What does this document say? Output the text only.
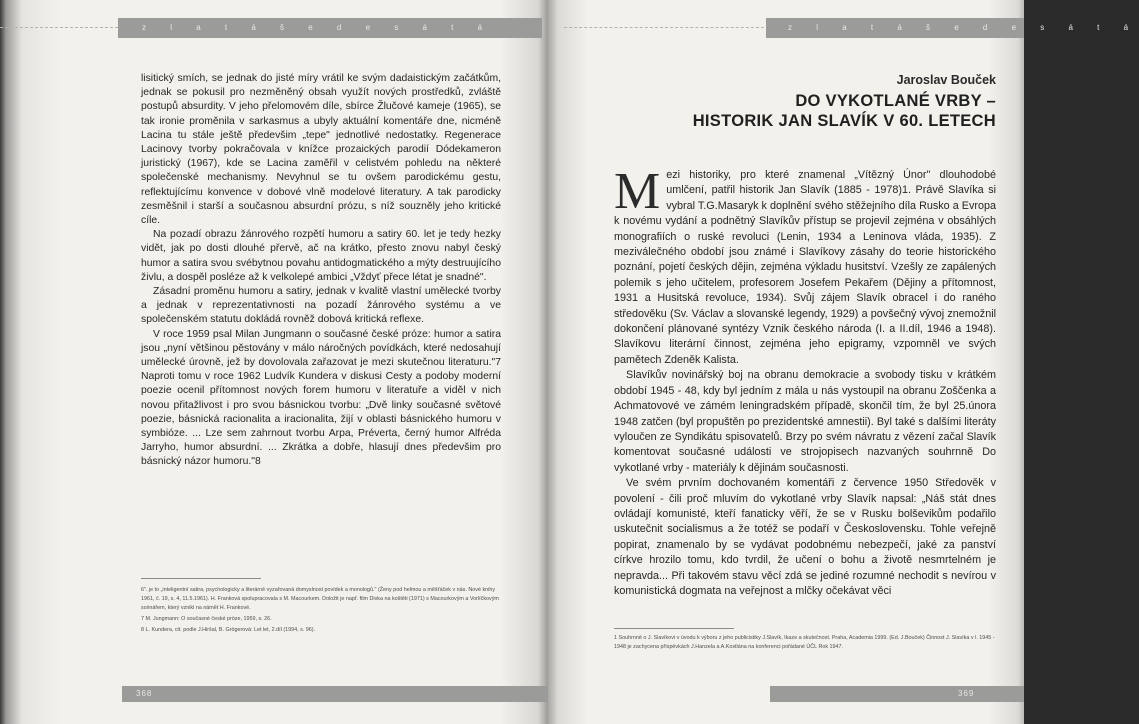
z l a t á š e d e s á t á

lisitický smích, se jednak do jisté míry vrátil ke svým dadaistickým začátkům, jednak se pokusil pro nezměněný obsah využít nových prostředků, zvláště postupů absurdity. V jeho přelomovém díle, sbírce Žlučové kameje (1965), se tak ironie proměnila v sarkasmus a ubyly aktuální komentáře dne, nicméně Lacina tu stále ještě předevšim „tepe" jednotlivé nedostatky. Regenerace Lacinovy tvorby pokračovala v knížce prozaických parodií Dódekameron juristický (1967), kde se Lacina zaměřil v celistvém pohledu na některé společenské mechanismy. Nevyhnul se tu ovšem parodickému gestu, reflektujícímu konvence v dobové vlně modelové literatury. A tak parodicky zesměšnil i starší a současnou absurdní prózu, s níž souzněly jeho kritické cíle.

Na pozadí obrazu žánrového rozpětí humoru a satiry 60. let je tedy hezky vidět, jak po dosti dlouhé přervě, ač na krátko, přesto znovu nabyl český humor a satira svou svébytnou povahu antidogmatického a mýty destruujícího živlu, a dospěl posléze až k velkolepé ambici „Vždyť přece létat je snadné".

Zásadní proměnu humoru a satiry, jednak v kvalitě vlastní umělecké tvorby a jednak v reprezentativnosti na pozadí žánrového systému a ve společenském statutu dokládá rovněž dobová kritická reflexe.

V roce 1959 psal Milan Jungmann o současné české próze: humor a satira jsou „nyní většinou pěstovány v málo náročných povídkách, které nedosahují umělecké úrovně, jež by dovolovala zařazovat je mezi skutečnou literaturu."7 Naproti tomu v roce 1962 Ludvík Kundera v diskusi Cesty a podoby moderní poezie ocenil přítomnost nových forem humoru v literatuře a viděl v nich novou přitažlivost i pro svou básnickou tvorbu: „Dvě linky současné světové poezie, básnická racionalita a iracionalita, žijí v oblasti básnického humoru v symbióze. ... Lze sem zahrnout tvorbu Arpa, Préverta, černý humor Alfréda Jarryho, humor absurdní. ... Zkrátka a dobře, hlasují dnes předevšim pro básnický názor humoru."8

6". je to „inteligentní satira, psychologicky a literárně vyzařovaná domyslnost povídek a monologů." (Ženy pod helmou a měšťáček v nás. Nové knihy 1961, č. 19, s. 4, 11.5.1961). H. Franková spolupracovala s M. Macourkem. Doložit je např. film Divka na koštěti (1971) s Macourkovým a Vorlíčkovým scénářem, který vznikl na námět H. Frankové.

7 M. Jungmann: O současné české próze, 1959, s. 26.

8 L. Kundera, cit. podle J.Hiršal, B. Grögerová: Let let, 2.díl (1994, s. 96).

368
z l a t á š e d e s á t á
Jaroslav Bouček
DO VYKOTLANÉ VRBY –
HISTORIK JAN SLAVÍK V 60. LETECH

Mezi historiky, pro které znamenal „Vítězný Únor" dlouhodobé umlčení, patřil historik Jan Slavík (1885 - 1978)1. Právě Slavíka si vybral T.G.Masaryk k doplnění svého stěžejního díla Rusko a Evropa k novému vydání a podnětný Slavíkův přístup se projevil zejména v obsáhlých monografiích o ruské revoluci (Lenin, 1934 a Leninova vláda, 1935). Z meziválečného období jsou známé i Slavíkovy zásahy do teorie historického poznání, pojetí českých dějin, zejména výkladu husitství. Vzešly ze zapálených polemik s jeho učitelem, profesorem Josefem Pekařem (Dějiny a přítomnost, 1931 a Husitská revoluce, 1934). Svůj zájem Slavík obracel i do raného středověku (Sv. Václav a slovanské legendy, 1929) a povšečný vývoj znemožnil dokončení plánované syntézy Vznik českého národa (I. a II.díl, 1946 a 1948). Slavíkovu literární činnost, zejména jeho epigramy, vzpomněl ve svých pamětech Zdeněk Kalista.

Slavíkův novinářský boj na obranu demokracie a svobody tisku v krátkém období 1945 - 48, kdy byl jedním z mála u nás vystoupil na obranu Zoščenka a Achmatovové ve zámém leningradském případě, skončil tím, že byl 25.února 1948 zatčen (byl propuštěn po prezidentské amnestii). Byl také s dalšími literáty vyloučen ze Syndikátu spisovatelů. Brzy po svém návratu z vězení začal Slavík komentovat současné události ve strojopisech nazvaných souhrnně Do vykotlané vrby - materiály k dějinám současnosti.

Ve svém prvním dochovaném komentáři z července 1950 Středověk v povolení - čili proč mluvím do vykotlané vrby Slavík napsal: „Náš stát dnes ovládají komunisté, kteří fanaticky věří, že se v Rusku bolševikům podařilo uskutečnit socialismus a že totéž se podaří v Československu. Tohle veřejně popirat, znamenalo by se vydávat podobnému nebezpečí, jaké za panství církve hrozilo tomu, kdo tvrdil, že učení o bohu a životě nesmrtelném je nepravda... Při takovém stavu věcí zdá se jediné rozumné nechodit s nevírou v komunistická dogmata na veřejnost a mlčky očekávat věci

1 Souhrnně o J. Slavíkovi v úvodu k výboru z jeho publicistiky J.Slavík, Ikaze a skutečnost. Praha, Academia 1999. (Ed. J.Bouček) Činnost J. Slavíka v l. 1945 - 1948 je zachycena příspěvkách J.Hanzela a A.Kostlána na konferenci pořádané ÚČL Rok 1947.

369
